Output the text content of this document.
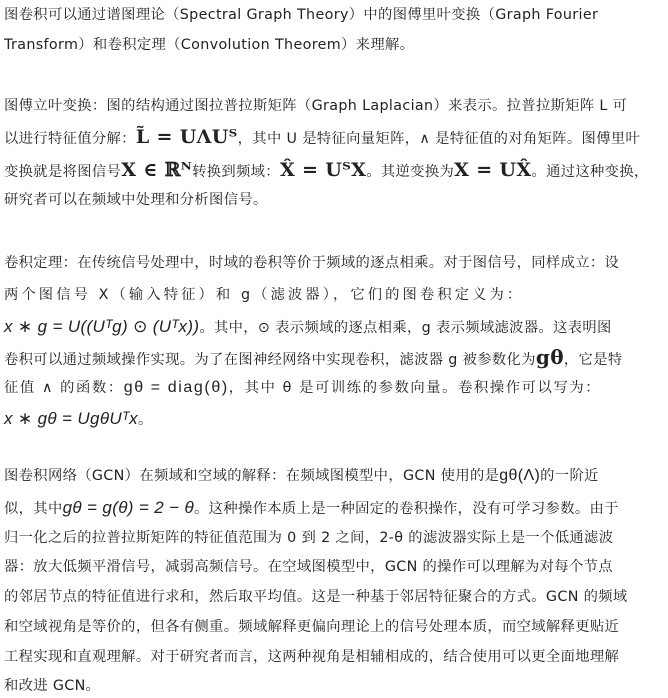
图卷积可以通过谱图理论（Spectral Graph Theory）中的图傅里叶变换（Graph Fourier
Transform）和卷积定理（Convolution Theorem）来理解。
图傅立叶变换：图的结构通过图拉普拉斯矩阵（Graph Laplacian）来表示。拉普拉斯矩阵 L 可
以进行特征值分解：L̃ = UΛUᵀ，其中 U 是特征向量矩阵，∧ 是特征值的对角矩阵。图傅里叶
变换就是将图信号X ∈ ℝᴺ转换到频域：X̂ = UᵀX。其逆变换为X = UX̂。通过这种变换，
研究者可以在频域中处理和分析图信号。
卷积定理：在传统信号处理中，时域的卷积等价于频域的逐点相乘。对于图信号，同样成立：设
两个图信号 X（输入特征）和 g（滤波器），它们的图卷积定义为：
x ∗ g = U((Uᵀg) ⊙ (Uᵀx))。其中，⊙ 表示频域的逐点相乘，g 表示频域滤波器。这表明图
卷积可以通过频域操作实现。为了在图神经网络中实现卷积，滤波器 g 被参数化为gθ，它是特
征值 ∧ 的函数：gθ = diag(θ)，其中 θ 是可训练的参数向量。卷积操作可以写为：
x ∗ gθ = UgθUᵀx。
图卷积网络（GCN）在频域和空域的解释：在频域图模型中，GCN 使用的是gθ(Λ)的一阶近
似，其中gθ = g(θ) = 2 − θ。这种操作本质上是一种固定的卷积操作，没有可学习参数。由于
归一化之后的拉普拉斯矩阵的特征值范围为 0 到 2 之间，2-θ 的滤波器实际上是一个低通滤波
器：放大低频平滑信号，减弱高频信号。在空域图模型中，GCN 的操作可以理解为对每个节点
的邻居节点的特征值进行求和，然后取平均值。这是一种基于邻居特征聚合的方式。GCN 的频域
和空域视角是等价的，但各有侧重。频域解释更偏向理论上的信号处理本质，而空域解释更贴近
工程实现和直观理解。对于研究者而言，这两种视角是相辅相成的，结合使用可以更全面地理解
和改进 GCN。
